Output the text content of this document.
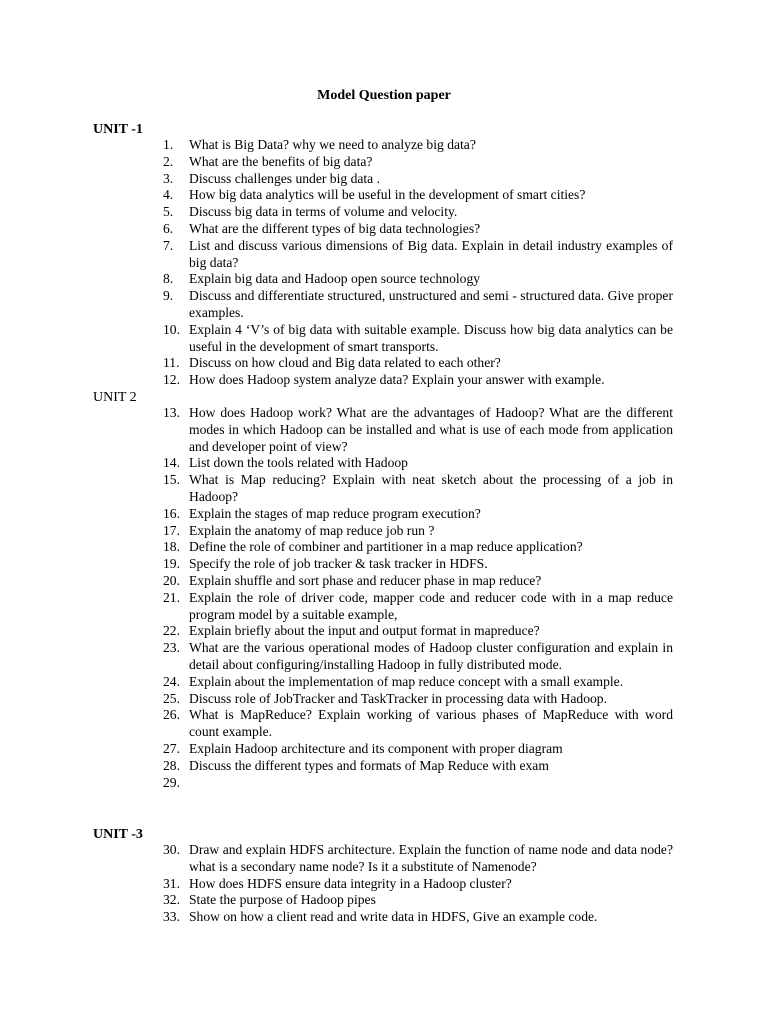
Model Question paper
UNIT -1
1.	What is Big Data? why we need to analyze big data?
2.	What are the benefits of big data?
3.	Discuss challenges under big data .
4.	How big data analytics will be useful in the development of smart cities?
5.	Discuss big data in terms of volume and velocity.
6.	What are the different types of big data technologies?
7.	List and discuss various dimensions of Big data. Explain in detail industry examples of big data?
8.	Explain big data and Hadoop open source technology
9.	Discuss and differentiate structured, unstructured and semi - structured data. Give proper examples.
10. Explain 4 ‘V’s of big data with suitable example. Discuss how big data analytics can be useful in the development of smart transports.
11. Discuss on how cloud and Big data related to each other?
12. How does Hadoop system analyze data? Explain your answer with example.
UNIT 2
13. How does Hadoop work? What are the advantages of Hadoop? What are the different modes in which Hadoop can be installed and what is use of each mode from application and developer point of view?
14. List down the tools related with Hadoop
15. What is Map reducing? Explain with neat sketch about the processing of a job in Hadoop?
16. Explain the stages of map reduce program execution?
17. Explain the anatomy of map reduce job run ?
18. Define the role of combiner and partitioner in a map reduce application?
19. Specify the role of job tracker & task tracker in HDFS.
20. Explain shuffle and sort phase and reducer phase in map reduce?
21. Explain the role of driver code, mapper code and reducer code with in a map reduce program model by a suitable example,
22. Explain briefly about the input and output format in mapreduce?
23. What are the various operational modes of Hadoop cluster configuration and explain in detail about configuring/installing Hadoop in fully distributed mode.
24. Explain about the implementation of map reduce concept with a small example.
25. Discuss role of JobTracker and TaskTracker in processing data with Hadoop.
26. What is MapReduce? Explain working of various phases of MapReduce with word count example.
27. Explain Hadoop architecture and its component with proper diagram
28. Discuss the different types and formats of Map Reduce with exam
29.
UNIT -3
30. Draw and explain HDFS architecture. Explain the function of name node and data node? what is a secondary name node? Is it a substitute of Namenode?
31. How does HDFS ensure data integrity in a Hadoop cluster?
32. State the purpose of Hadoop pipes
33. Show on how a client read and write data in HDFS, Give an example code.
